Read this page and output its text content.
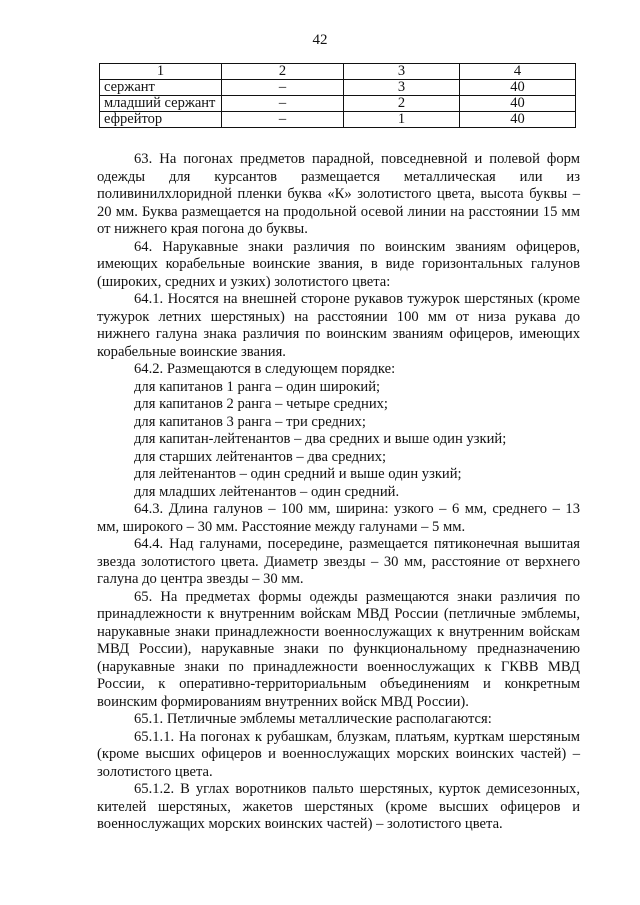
42
1	2	3	4
сержант	–	3	40
младший сержант	–	2	40
ефрейтор	–	1	40

63. На погонах предметов парадной, повседневной и полевой форм одежды для курсантов размещается металлическая или из поливинилхлоридной пленки буква «К» золотистого цвета, высота буквы – 20 мм. Буква размещается на продольной осевой линии на расстоянии 15 мм от нижнего края погона до буквы.

64. Нарукавные знаки различия по воинским званиям офицеров, имеющих корабельные воинские звания, в виде горизонтальных галунов (широких, средних и узких) золотистого цвета:

64.1. Носятся на внешней стороне рукавов тужурок шерстяных (кроме тужурок летних шерстяных) на расстоянии 100 мм от низа рукава до нижнего галуна знака различия по воинским званиям офицеров, имеющих корабельные воинские звания.

64.2. Размещаются в следующем порядке:

для капитанов 1 ранга – один широкий;

для капитанов 2 ранга – четыре средних;

для капитанов 3 ранга – три средних;

для капитан-лейтенантов – два средних и выше один узкий;

для старших лейтенантов – два средних;

для лейтенантов – один средний и выше один узкий;

для младших лейтенантов – один средний.

64.3. Длина галунов – 100 мм, ширина: узкого – 6 мм, среднего – 13 мм, широкого – 30 мм. Расстояние между галунами – 5 мм.

64.4. Над галунами, посередине, размещается пятиконечная вышитая звезда золотистого цвета. Диаметр звезды – 30 мм, расстояние от верхнего галуна до центра звезды – 30 мм.

65. На предметах формы одежды размещаются знаки различия по принадлежности к внутренним войскам МВД России (петличные эмблемы, нарукавные знаки принадлежности военнослужащих к внутренним войскам МВД России), нарукавные знаки по функциональному предназначению (нарукавные знаки по принадлежности военнослужащих к ГКВВ МВД России, к оперативно-территориальным объединениям и конкретным воинским формированиям внутренних войск МВД России).

65.1. Петличные эмблемы металлические располагаются:

65.1.1. На погонах к рубашкам, блузкам, платьям, курткам шерстяным (кроме высших офицеров и военнослужащих морских воинских частей) – золотистого цвета.

65.1.2. В углах воротников пальто шерстяных, курток демисезонных, кителей шерстяных, жакетов шерстяных (кроме высших офицеров и военнослужащих морских воинских частей) – золотистого цвета.
